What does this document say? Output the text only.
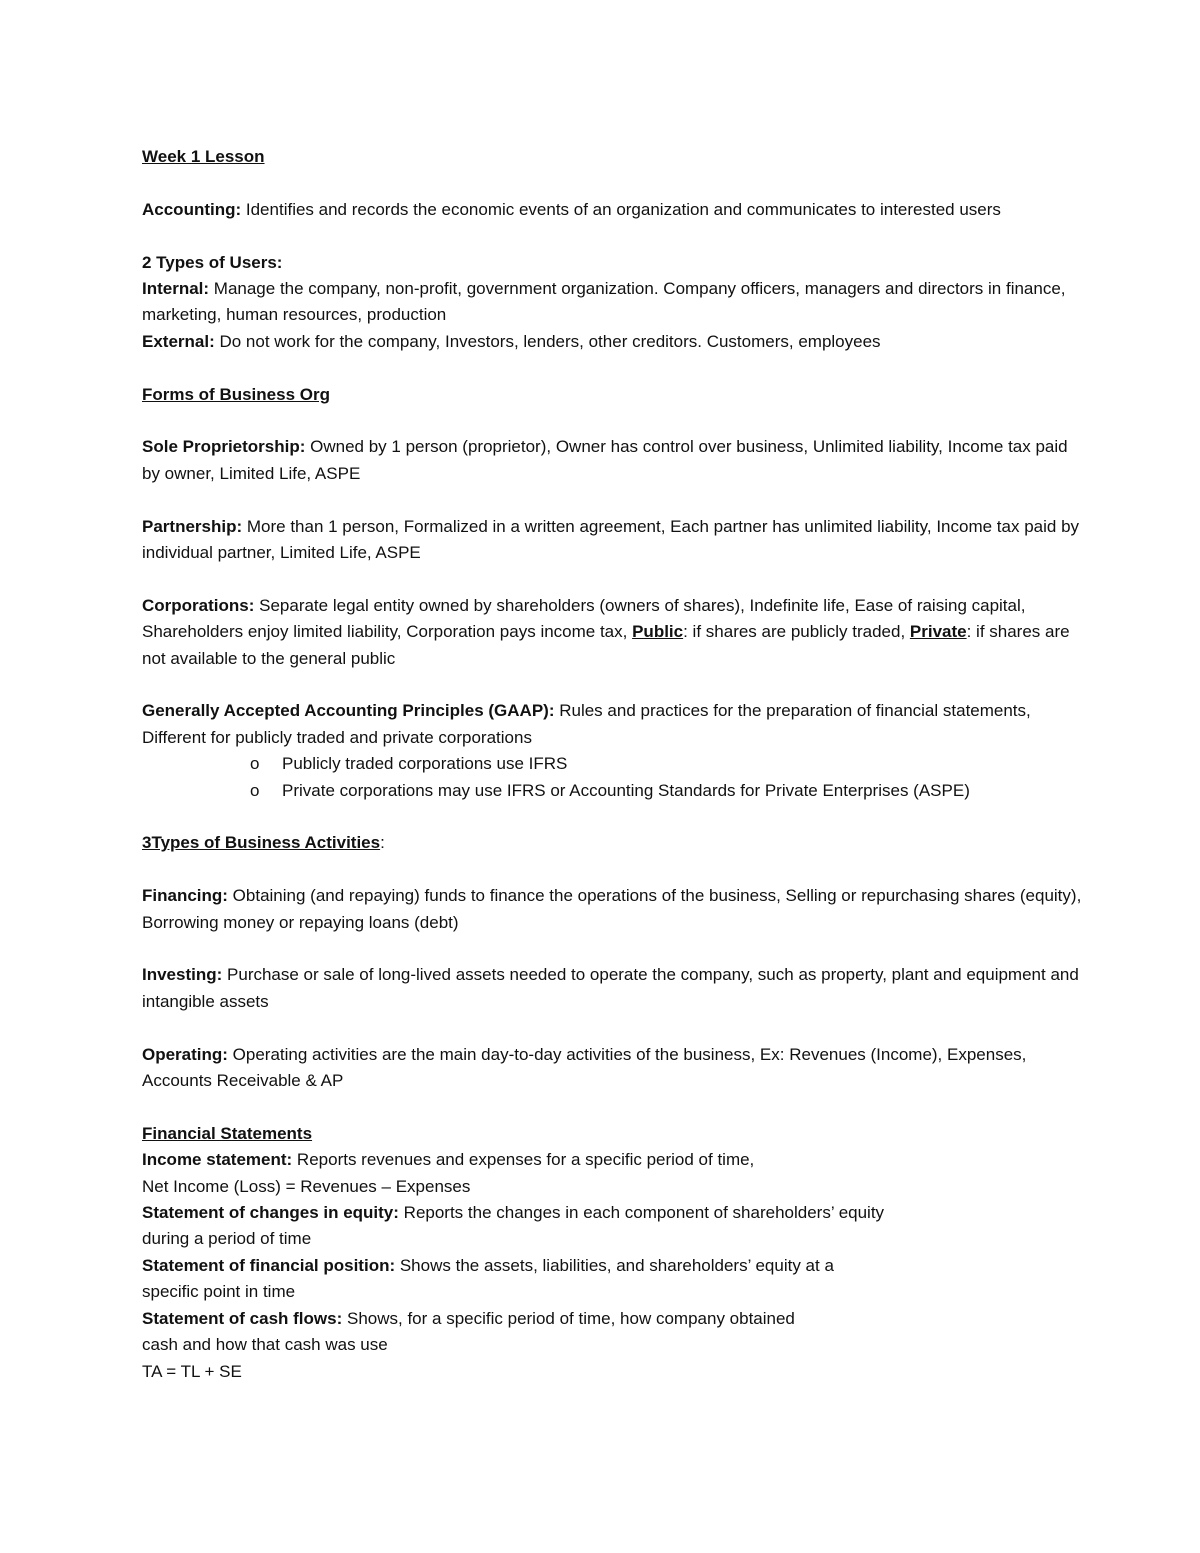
Week 1 Lesson

Accounting: Identifies and records the economic events of an organization and communicates to interested users

2 Types of Users:

Internal: Manage the company, non-profit, government organization. Company officers, managers and directors in finance, marketing, human resources, production

External: Do not work for the company, Investors, lenders, other creditors. Customers, employees

Forms of Business Org

Sole Proprietorship: Owned by 1 person (proprietor), Owner has control over business, Unlimited liability, Income tax paid by owner, Limited Life, ASPE

Partnership: More than 1 person, Formalized in a written agreement, Each partner has unlimited liability, Income tax paid by individual partner, Limited Life, ASPE

Corporations: Separate legal entity owned by shareholders (owners of shares), Indefinite life, Ease of raising capital, Shareholders enjoy limited liability, Corporation pays income tax, Public: if shares are publicly traded, Private: if shares are not available to the general public

Generally Accepted Accounting Principles (GAAP): Rules and practices for the preparation of financial statements, Different for publicly traded and private corporations

o Publicly traded corporations use IFRS
o Private corporations may use IFRS or Accounting Standards for Private Enterprises (ASPE)

3Types of Business Activities:

Financing: Obtaining (and repaying) funds to finance the operations of the business, Selling or repurchasing shares (equity), Borrowing money or repaying loans (debt)

Investing: Purchase or sale of long-lived assets needed to operate the company, such as property, plant and equipment and intangible assets

Operating: Operating activities are the main day-to-day activities of the business, Ex: Revenues (Income), Expenses, Accounts Receivable & AP

Financial Statements

Income statement: Reports revenues and expenses for a specific period of time,

Net Income (Loss) = Revenues – Expenses

Statement of changes in equity: Reports the changes in each component of shareholders’ equity

during a period of time

Statement of financial position: Shows the assets, liabilities, and shareholders’ equity at a

specific point in time

Statement of cash flows: Shows, for a specific period of time, how company obtained

cash and how that cash was use

TA = TL + SE
